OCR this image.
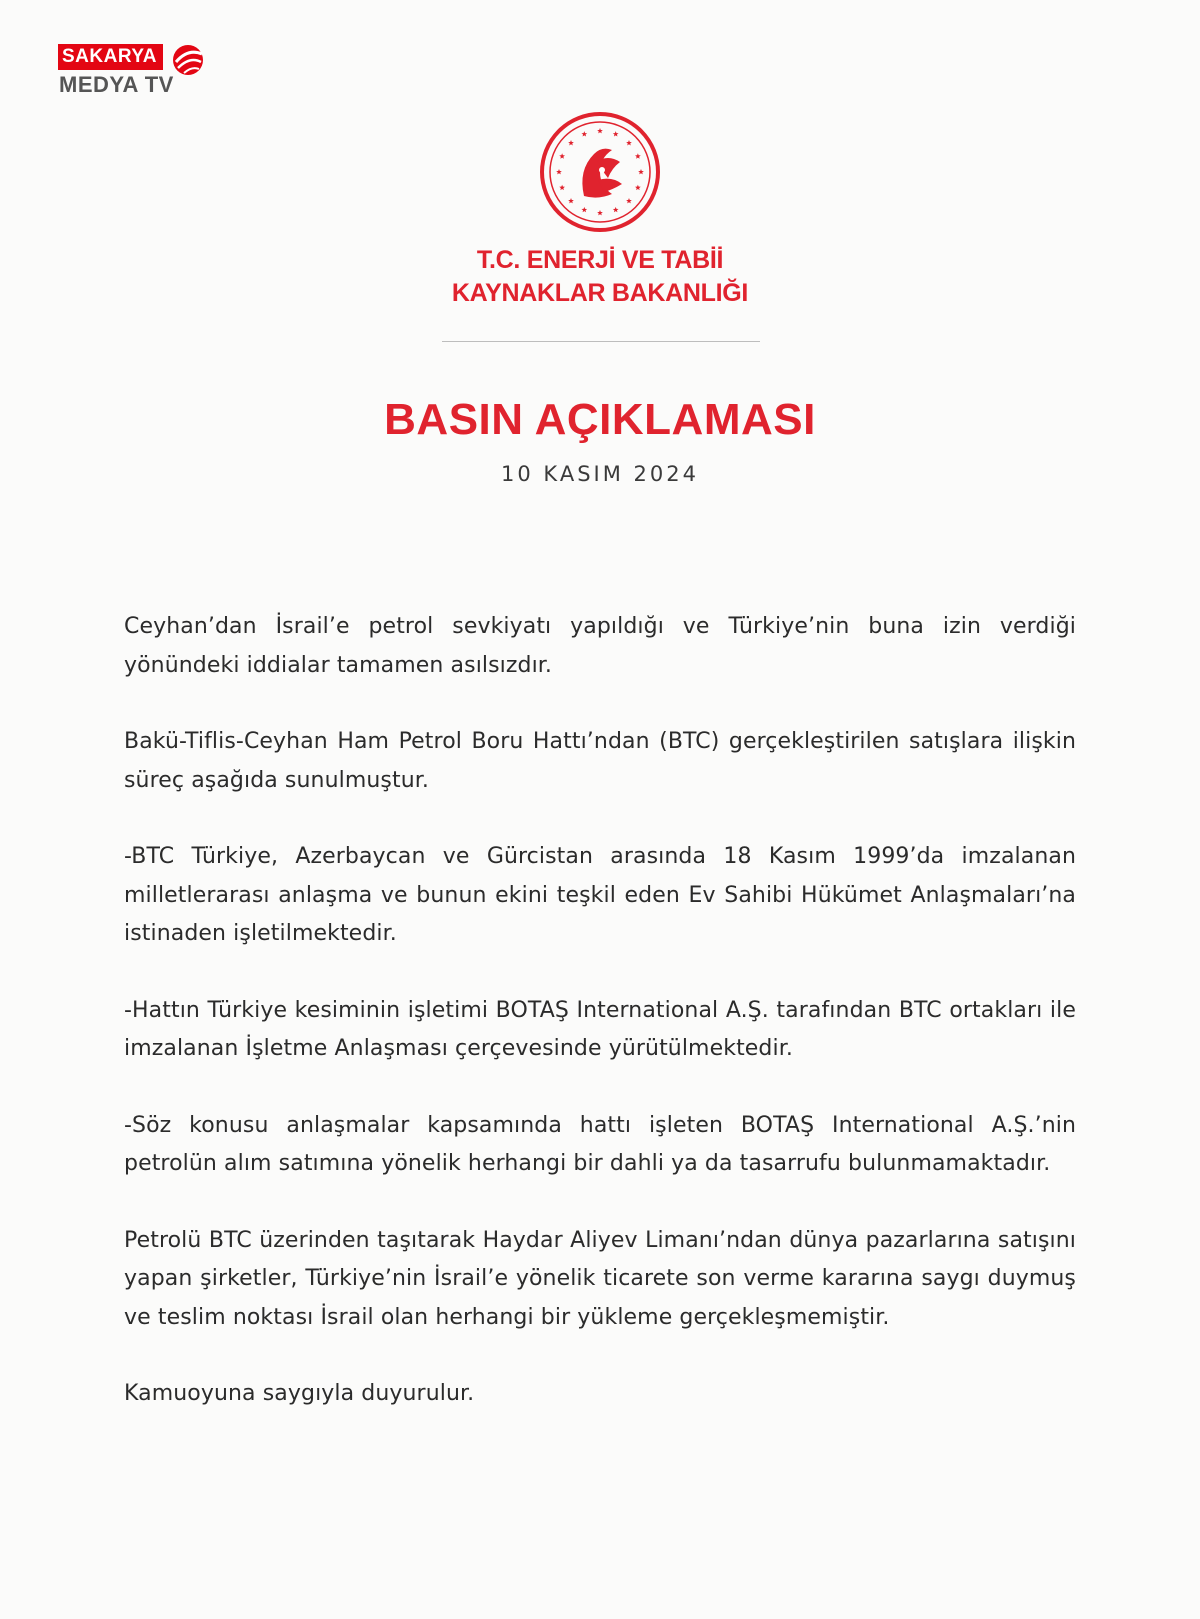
SAKARYA
MEDYA TV
T.C. ENERJİ VE TABİİ
KAYNAKLAR BAKANLIĞI
BASIN AÇIKLAMASI
10 KASIM 2024

Ceyhan’dan İsrail’e petrol sevkiyatı yapıldığı ve Türkiye’nin buna izin verdiği yönündeki iddialar tamamen asılsızdır.

Bakü-Tiflis-Ceyhan Ham Petrol Boru Hattı’ndan (BTC) gerçekleştirilen satışlara ilişkin süreç aşağıda sunulmuştur.

-BTC Türkiye, Azerbaycan ve Gürcistan arasında 18 Kasım 1999’da imzalanan milletlerarası anlaşma ve bunun ekini teşkil eden Ev Sahibi Hükümet Anlaşmaları’na istinaden işletilmektedir.

-Hattın Türkiye kesiminin işletimi BOTAŞ International A.Ş. tarafından BTC ortakları ile imzalanan İşletme Anlaşması çerçevesinde yürütülmektedir.

-Söz konusu anlaşmalar kapsamında hattı işleten BOTAŞ International A.Ş.’nin petrolün alım satımına yönelik herhangi bir dahli ya da tasarrufu bulunmamaktadır.

Petrolü BTC üzerinden taşıtarak Haydar Aliyev Limanı’ndan dünya pazarlarına satışını yapan şirketler, Türkiye’nin İsrail’e yönelik ticarete son verme kararına saygı duymuş ve teslim noktası İsrail olan herhangi bir yükleme gerçekleşmemiştir.

Kamuoyuna saygıyla duyurulur.
